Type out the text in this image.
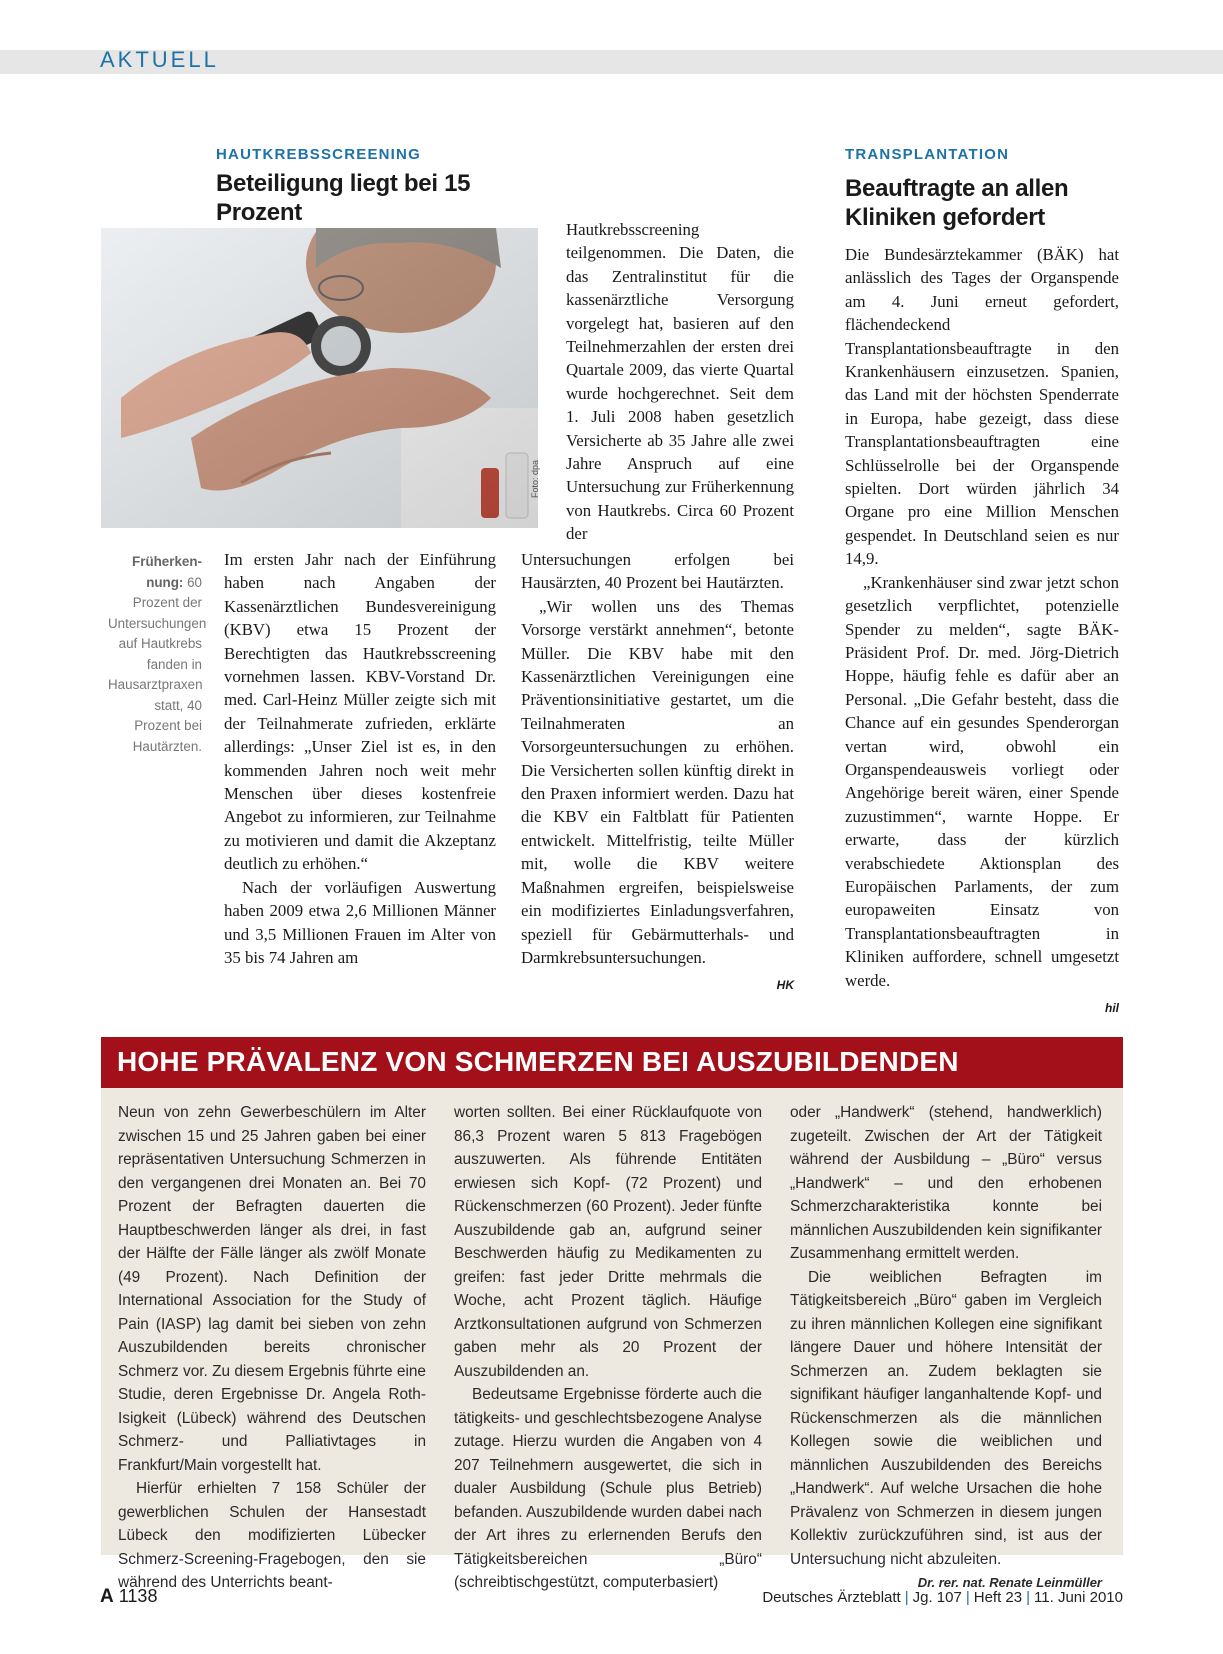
AKTUELL
HAUTKREBSSCREENING
Beteiligung liegt bei 15 Prozent
Foto: dpa
Früherken-nung: 60 Prozent der Untersuchungen auf Hautkrebs fanden in Hausarztpraxen statt, 40 Prozent bei Hautärzten.

Im ersten Jahr nach der Einführung haben nach Angaben der Kassenärztlichen Bundesvereinigung (KBV) etwa 15 Prozent der Berechtigten das Hautkrebsscreening vornehmen lassen. KBV-Vorstand Dr. med. Carl-Heinz Müller zeigte sich mit der Teilnahmerate zufrieden, erklärte allerdings: „Unser Ziel ist es, in den kommenden Jahren noch weit mehr Menschen über dieses kostenfreie Angebot zu informieren, zur Teilnahme zu motivieren und damit die Akzeptanz deutlich zu erhöhen.“

Nach der vorläufigen Auswertung haben 2009 etwa 2,6 Millionen Männer und 3,5 Millionen Frauen im Alter von 35 bis 74 Jahren am

Hautkrebsscreening teilgenommen. Die Daten, die das Zentralinstitut für die kassenärztliche Versorgung vorgelegt hat, basieren auf den Teilnehmerzahlen der ersten drei Quartale 2009, das vierte Quartal wurde hochgerechnet. Seit dem 1. Juli 2008 haben gesetzlich Versicherte ab 35 Jahre alle zwei Jahre Anspruch auf eine Untersuchung zur Früherkennung von Hautkrebs. Circa 60 Prozent der

Untersuchungen erfolgen bei Hausärzten, 40 Prozent bei Hautärzten.

„Wir wollen uns des Themas Vorsorge verstärkt annehmen“, betonte Müller. Die KBV habe mit den Kassenärztlichen Vereinigungen eine Präventionsinitiative gestartet, um die Teilnahmeraten an Vorsorgeuntersuchungen zu erhöhen. Die Versicherten sollen künftig direkt in den Praxen informiert werden. Dazu hat die KBV ein Faltblatt für Patienten entwickelt. Mittelfristig, teilte Müller mit, wolle die KBV weitere Maßnahmen ergreifen, beispielsweise ein modifiziertes Einladungsverfahren, speziell für Gebärmutterhals- und Darmkrebsuntersuchungen.

HK
TRANSPLANTATION
Beauftragte an allen Kliniken gefordert

Die Bundesärztekammer (BÄK) hat anlässlich des Tages der Organspende am 4. Juni erneut gefordert, flächendeckend Transplantationsbeauftragte in den Krankenhäusern einzusetzen. Spanien, das Land mit der höchsten Spenderrate in Europa, habe gezeigt, dass diese Transplantationsbeauftragten eine Schlüsselrolle bei der Organspende spielten. Dort würden jährlich 34 Organe pro eine Million Menschen gespendet. In Deutschland seien es nur 14,9.

„Krankenhäuser sind zwar jetzt schon gesetzlich verpflichtet, potenzielle Spender zu melden“, sagte BÄK-Präsident Prof. Dr. med. Jörg-Dietrich Hoppe, häufig fehle es dafür aber an Personal. „Die Gefahr besteht, dass die Chance auf ein gesundes Spenderorgan vertan wird, obwohl ein Organspendeausweis vorliegt oder Angehörige bereit wären, einer Spende zuzustimmen“, warnte Hoppe. Er erwarte, dass der kürzlich verabschiedete Aktionsplan des Europäischen Parlaments, der zum europaweiten Einsatz von Transplantationsbeauftragten in Kliniken auffordere, schnell umgesetzt werde.

hil
HOHE PRÄVALENZ VON SCHMERZEN BEI AUSZUBILDENDEN

Neun von zehn Gewerbeschülern im Alter zwischen 15 und 25 Jahren gaben bei einer repräsentativen Untersuchung Schmerzen in den vergangenen drei Monaten an. Bei 70 Prozent der Befragten dauerten die Hauptbeschwerden länger als drei, in fast der Hälfte der Fälle länger als zwölf Monate (49 Prozent). Nach Definition der International Association for the Study of Pain (IASP) lag damit bei sieben von zehn Auszubildenden bereits chronischer Schmerz vor. Zu diesem Ergebnis führte eine Studie, deren Ergebnisse Dr. Angela Roth-Isigkeit (Lübeck) während des Deutschen Schmerz- und Palliativtages in Frankfurt/Main vorgestellt hat.

Hierfür erhielten 7 158 Schüler der gewerblichen Schulen der Hansestadt Lübeck den modifizierten Lübecker Schmerz-Screening-Fragebogen, den sie während des Unterrichts beant-

worten sollten. Bei einer Rücklaufquote von 86,3 Prozent waren 5 813 Fragebögen auszuwerten. Als führende Entitäten erwiesen sich Kopf- (72 Prozent) und Rückenschmerzen (60 Prozent). Jeder fünfte Auszubildende gab an, aufgrund seiner Beschwerden häufig zu Medikamenten zu greifen: fast jeder Dritte mehrmals die Woche, acht Prozent täglich. Häufige Arztkonsultationen aufgrund von Schmerzen gaben mehr als 20 Prozent der Auszubildenden an.

Bedeutsame Ergebnisse förderte auch die tätigkeits- und geschlechtsbezogene Analyse zutage. Hierzu wurden die Angaben von 4 207 Teilnehmern ausgewertet, die sich in dualer Ausbildung (Schule plus Betrieb) befanden. Auszubildende wurden dabei nach der Art ihres zu erlernenden Berufs den Tätigkeitsbereichen „Büro“ (schreibtischgestützt, computerbasiert)

oder „Handwerk“ (stehend, handwerklich) zugeteilt. Zwischen der Art der Tätigkeit während der Ausbildung – „Büro“ versus „Handwerk“ – und den erhobenen Schmerzcharakteristika konnte bei männlichen Auszubildenden kein signifikanter Zusammenhang ermittelt werden.

Die weiblichen Befragten im Tätigkeitsbereich „Büro“ gaben im Vergleich zu ihren männlichen Kollegen eine signifikant längere Dauer und höhere Intensität der Schmerzen an. Zudem beklagten sie signifikant häufiger langanhaltende Kopf- und Rückenschmerzen als die männlichen Kollegen sowie die weiblichen und männlichen Auszubildenden des Bereichs „Handwerk“. Auf welche Ursachen die hohe Prävalenz von Schmerzen in diesem jungen Kollektiv zurückzuführen sind, ist aus der Untersuchung nicht abzuleiten.

Dr. rer. nat. Renate Leinmüller
A 1138	Deutsches Ärzteblatt | Jg. 107 | Heft 23 | 11. Juni 2010
